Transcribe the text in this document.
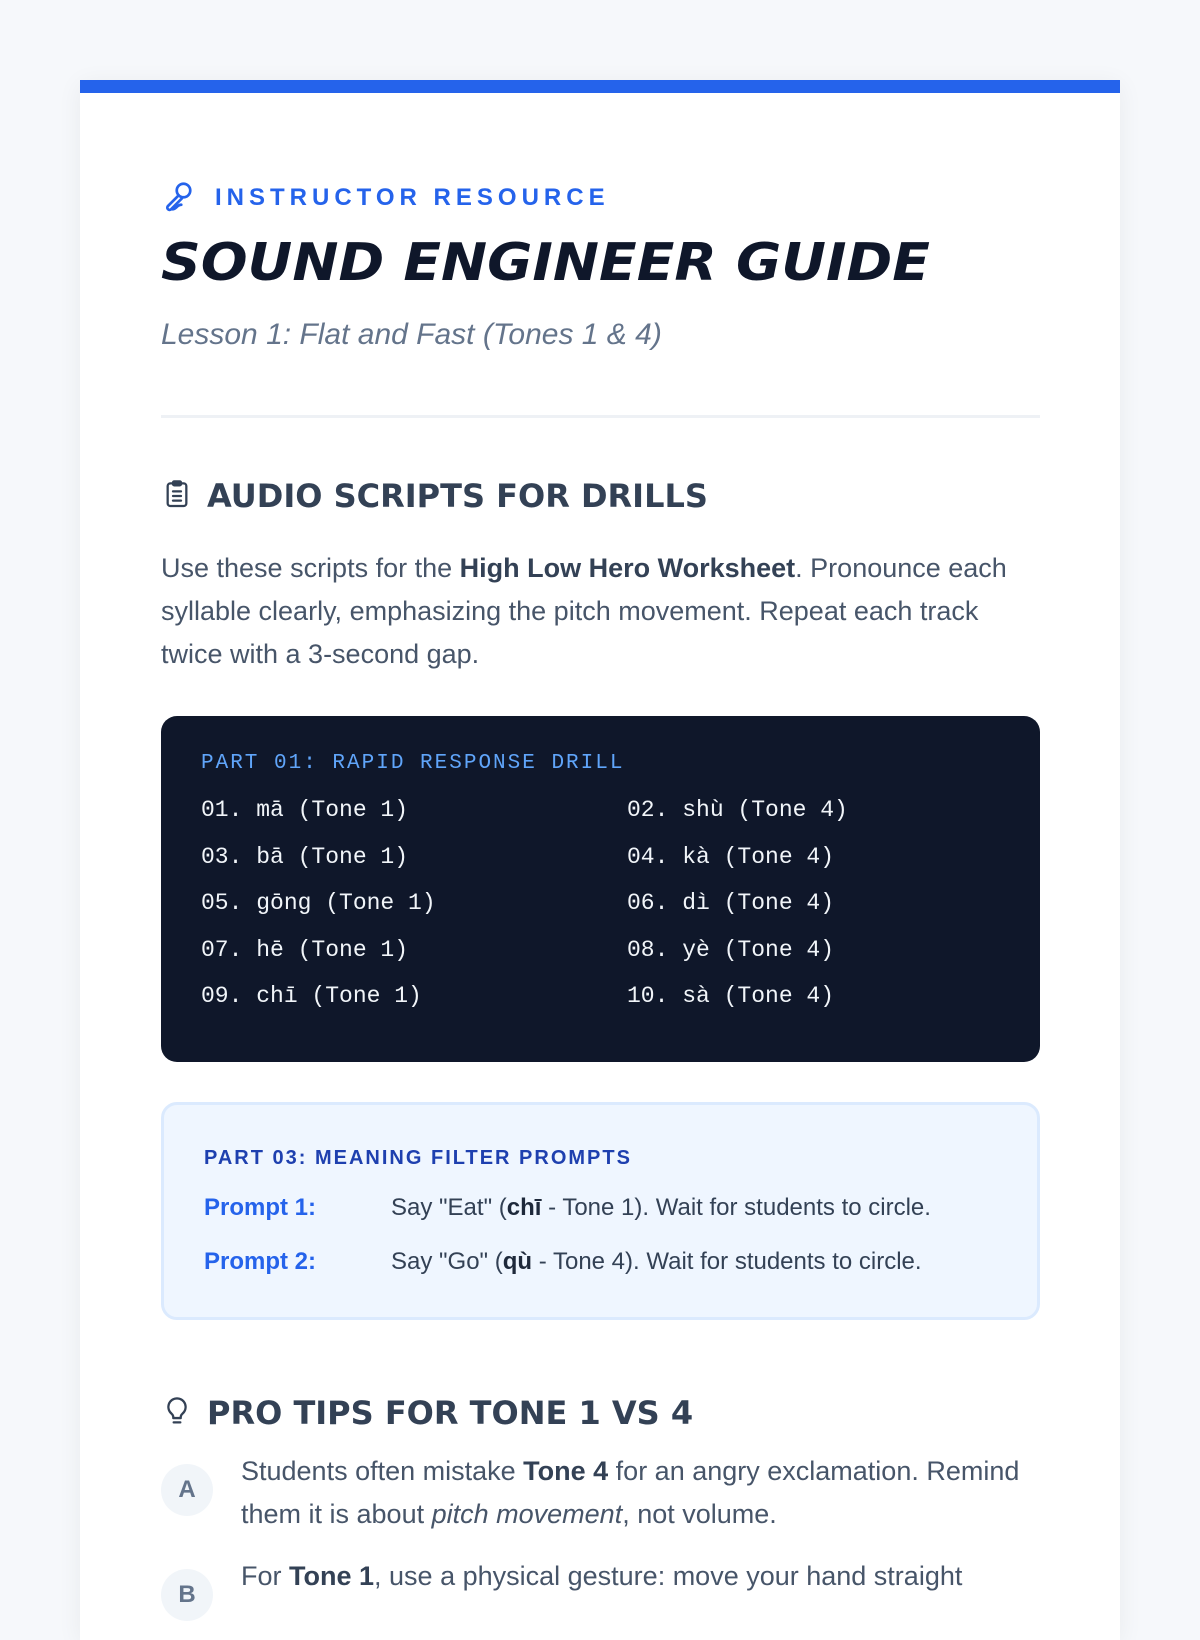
INSTRUCTOR RESOURCE
SOUND ENGINEER GUIDE
Lesson 1: Flat and Fast (Tones 1 & 4)
AUDIO SCRIPTS FOR DRILLS

Use these scripts for the High Low Hero Worksheet. Pronounce each syllable clearly, emphasizing the pitch movement. Repeat each track twice with a 3-second gap.

PART 01: RAPID RESPONSE DRILL
01. mā (Tone 1)	02. shù (Tone 4)
03. bā (Tone 1)	04. kà (Tone 4)
05. gōng (Tone 1)	06. dì (Tone 4)
07. hē (Tone 1)	08. yè (Tone 4)
09. chī (Tone 1)	10. sà (Tone 4)
PART 03: MEANING FILTER PROMPTS
Prompt 1:	Say "Eat" (chī - Tone 1). Wait for students to circle.
Prompt 2:	Say "Go" (qù - Tone 4). Wait for students to circle.
PRO TIPS FOR TONE 1 VS 4
A

Students often mistake Tone 4 for an angry exclamation. Remind them it is about pitch movement, not volume.

B

For Tone 1, use a physical gesture: move your hand straight
